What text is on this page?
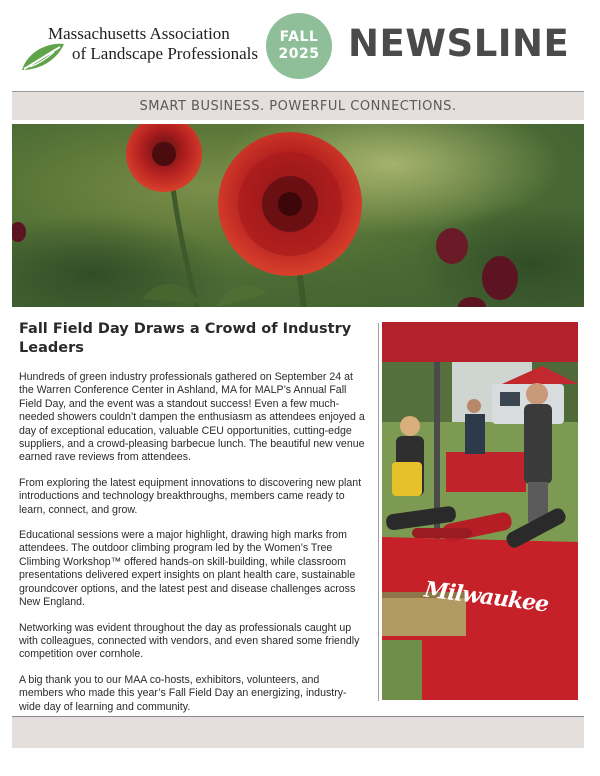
Massachusetts Association
of Landscape Professionals
FALL
2025 NEWSLINE
SMART BUSINESS. POWERFUL CONNECTIONS.
Fall Field Day Draws a Crowd of Industry Leaders

Hundreds of green industry professionals gathered on September 24 at the Warren Conference Center in Ashland, MA for MALP’s Annual Fall Field Day, and the event was a standout success! Even a few much-needed showers couldn’t dampen the enthusiasm as attendees enjoyed a day of exceptional education, valuable CEU opportunities, cutting-edge suppliers, and a crowd-pleasing barbecue lunch. The beautiful new venue earned rave reviews from attendees.

From exploring the latest equipment innovations to discovering new plant introductions and technology breakthroughs, members came ready to learn, connect, and grow.

Educational sessions were a major highlight, drawing high marks from attendees. The outdoor climbing program led by the Women’s Tree Climbing Workshop™ offered hands-on skill-building, while classroom presentations delivered expert insights on plant health care, sustainable groundcover options, and the latest pest and disease challenges across New England.

Networking was evident throughout the day as professionals caught up with colleagues, connected with vendors, and even shared some friendly competition over cornhole.

A big thank you to our MAA co-hosts, exhibitors, volunteers, and members who made this year’s Fall Field Day an energizing, industry-wide day of learning and community.

Milwaukee
